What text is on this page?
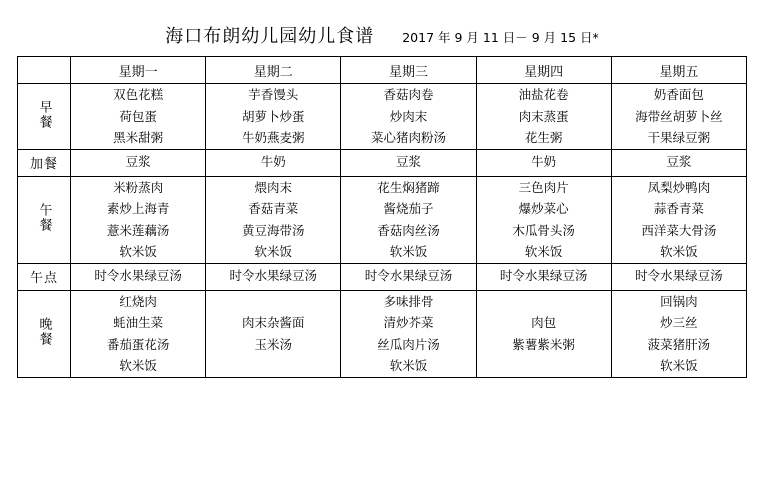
海口布朗幼儿园幼儿食谱 2017 年 9 月 11 日－ 9 月 15 日*
	星期一	星期二	星期三	星期四	星期五
早餐	
双色花糕
荷包蛋
黑米甜粥

芋香馒头
胡萝卜炒蛋
牛奶燕麦粥

香菇肉卷
炒肉末
菜心猪肉粉汤

油盐花卷
肉末蒸蛋
花生粥

奶香面包
海带丝胡萝卜丝
干果绿豆粥

加餐	豆浆	牛奶	豆浆	牛奶	豆浆

午餐	
米粉蒸肉
素炒上海青
薏米莲藕汤
软米饭

煨肉末
香菇青菜
黄豆海带汤
软米饭

花生焖猪蹄
酱烧茄子
香菇肉丝汤
软米饭

三色肉片
爆炒菜心
木瓜骨头汤
软米饭

凤梨炒鸭肉
蒜香青菜
西洋菜大骨汤
软米饭

午点	时令水果绿豆汤	时令水果绿豆汤	时令水果绿豆汤	时令水果绿豆汤	时令水果绿豆汤

晚餐	
红烧肉
蚝油生菜
番茄蛋花汤
软米饭

肉末杂酱面
玉米汤

多味排骨
清炒芥菜
丝瓜肉片汤
软米饭

肉包
紫薯紫米粥

回锅肉
炒三丝
菠菜猪肝汤
软米饭
